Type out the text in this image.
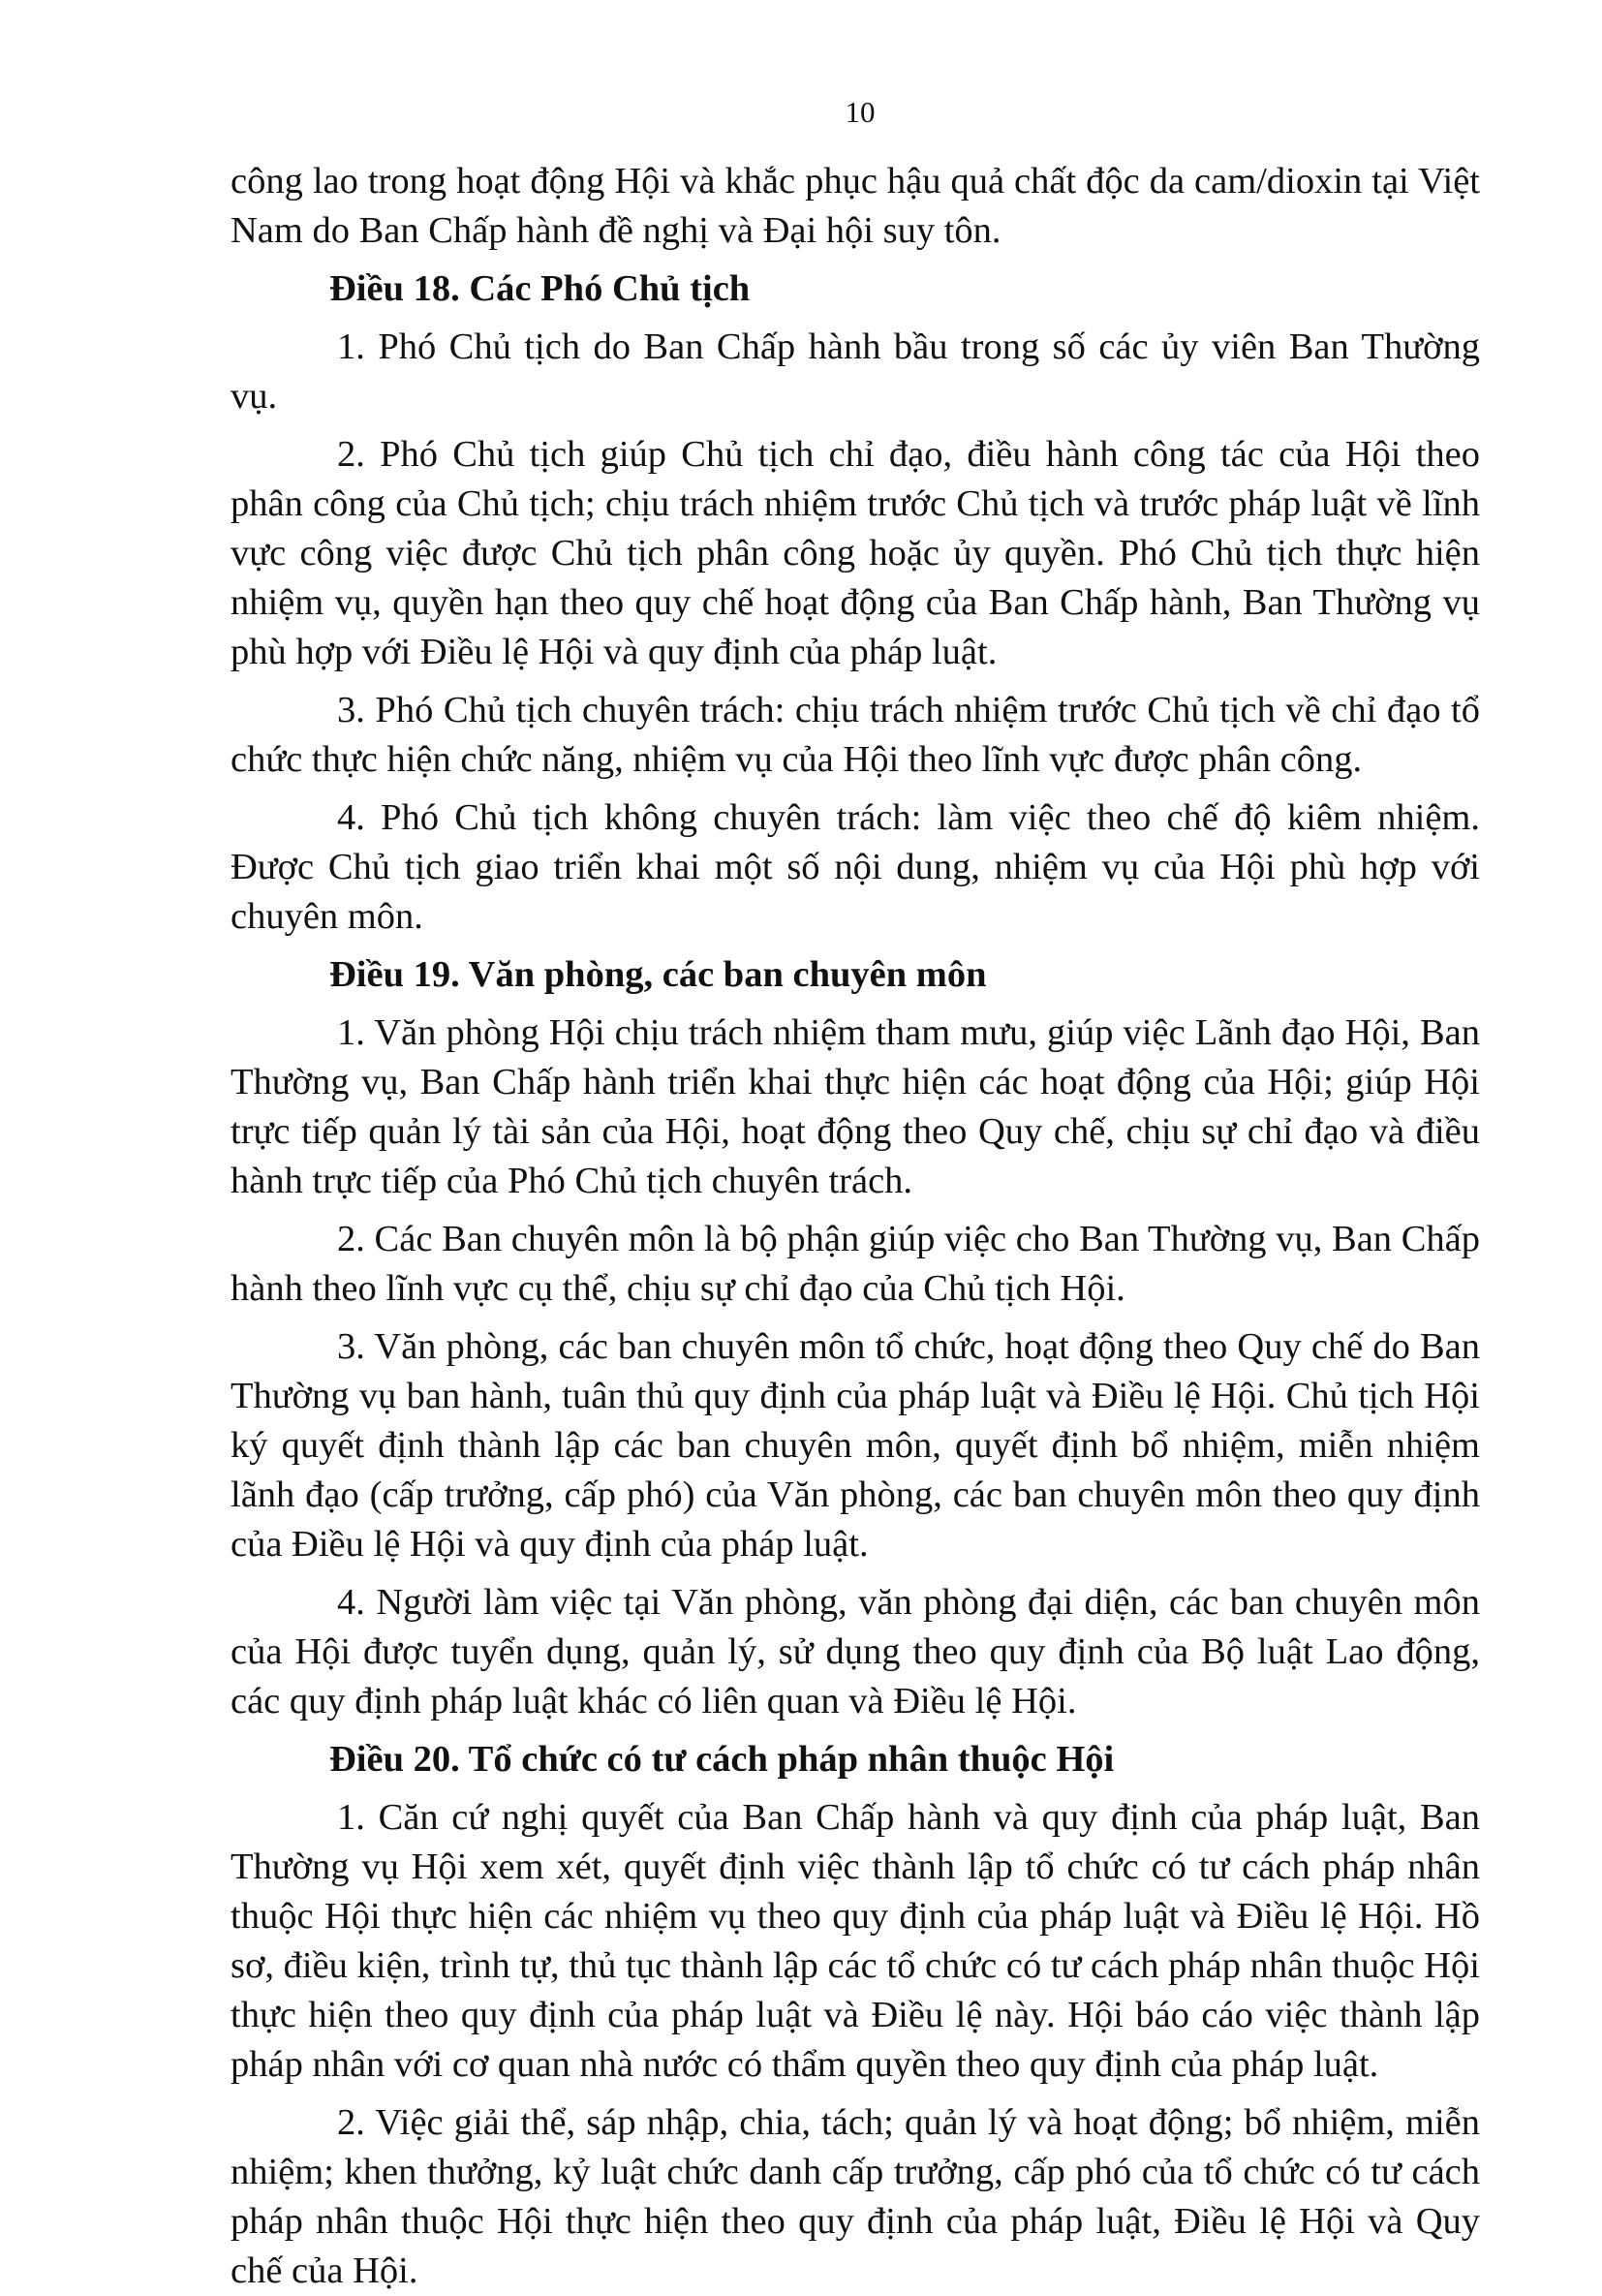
10

công lao trong hoạt động Hội và khắc phục hậu quả chất độc da cam/dioxin tại Việt Nam do Ban Chấp hành đề nghị và Đại hội suy tôn.

Điều 18. Các Phó Chủ tịch

1. Phó Chủ tịch do Ban Chấp hành bầu trong số các ủy viên Ban Thường vụ.

2. Phó Chủ tịch giúp Chủ tịch chỉ đạo, điều hành công tác của Hội theo phân công của Chủ tịch; chịu trách nhiệm trước Chủ tịch và trước pháp luật về lĩnh vực công việc được Chủ tịch phân công hoặc ủy quyền. Phó Chủ tịch thực hiện nhiệm vụ, quyền hạn theo quy chế hoạt động của Ban Chấp hành, Ban Thường vụ phù hợp với Điều lệ Hội và quy định của pháp luật.

3. Phó Chủ tịch chuyên trách: chịu trách nhiệm trước Chủ tịch về chỉ đạo tổ chức thực hiện chức năng, nhiệm vụ của Hội theo lĩnh vực được phân công.

4. Phó Chủ tịch không chuyên trách: làm việc theo chế độ kiêm nhiệm. Được Chủ tịch giao triển khai một số nội dung, nhiệm vụ của Hội phù hợp với chuyên môn.

Điều 19. Văn phòng, các ban chuyên môn

1. Văn phòng Hội chịu trách nhiệm tham mưu, giúp việc Lãnh đạo Hội, Ban Thường vụ, Ban Chấp hành triển khai thực hiện các hoạt động của Hội; giúp Hội trực tiếp quản lý tài sản của Hội, hoạt động theo Quy chế, chịu sự chỉ đạo và điều hành trực tiếp của Phó Chủ tịch chuyên trách.

2. Các Ban chuyên môn là bộ phận giúp việc cho Ban Thường vụ, Ban Chấp hành theo lĩnh vực cụ thể, chịu sự chỉ đạo của Chủ tịch Hội.

3. Văn phòng, các ban chuyên môn tổ chức, hoạt động theo Quy chế do Ban Thường vụ ban hành, tuân thủ quy định của pháp luật và Điều lệ Hội. Chủ tịch Hội ký quyết định thành lập các ban chuyên môn, quyết định bổ nhiệm, miễn nhiệm lãnh đạo (cấp trưởng, cấp phó) của Văn phòng, các ban chuyên môn theo quy định của Điều lệ Hội và quy định của pháp luật.

4. Người làm việc tại Văn phòng, văn phòng đại diện, các ban chuyên môn của Hội được tuyển dụng, quản lý, sử dụng theo quy định của Bộ luật Lao động, các quy định pháp luật khác có liên quan và Điều lệ Hội.

Điều 20. Tổ chức có tư cách pháp nhân thuộc Hội

1. Căn cứ nghị quyết của Ban Chấp hành và quy định của pháp luật, Ban Thường vụ Hội xem xét, quyết định việc thành lập tổ chức có tư cách pháp nhân thuộc Hội thực hiện các nhiệm vụ theo quy định của pháp luật và Điều lệ Hội. Hồ sơ, điều kiện, trình tự, thủ tục thành lập các tổ chức có tư cách pháp nhân thuộc Hội thực hiện theo quy định của pháp luật và Điều lệ này. Hội báo cáo việc thành lập pháp nhân với cơ quan nhà nước có thẩm quyền theo quy định của pháp luật.

2. Việc giải thể, sáp nhập, chia, tách; quản lý và hoạt động; bổ nhiệm, miễn nhiệm; khen thưởng, kỷ luật chức danh cấp trưởng, cấp phó của tổ chức có tư cách pháp nhân thuộc Hội thực hiện theo quy định của pháp luật, Điều lệ Hội và Quy chế của Hội.
